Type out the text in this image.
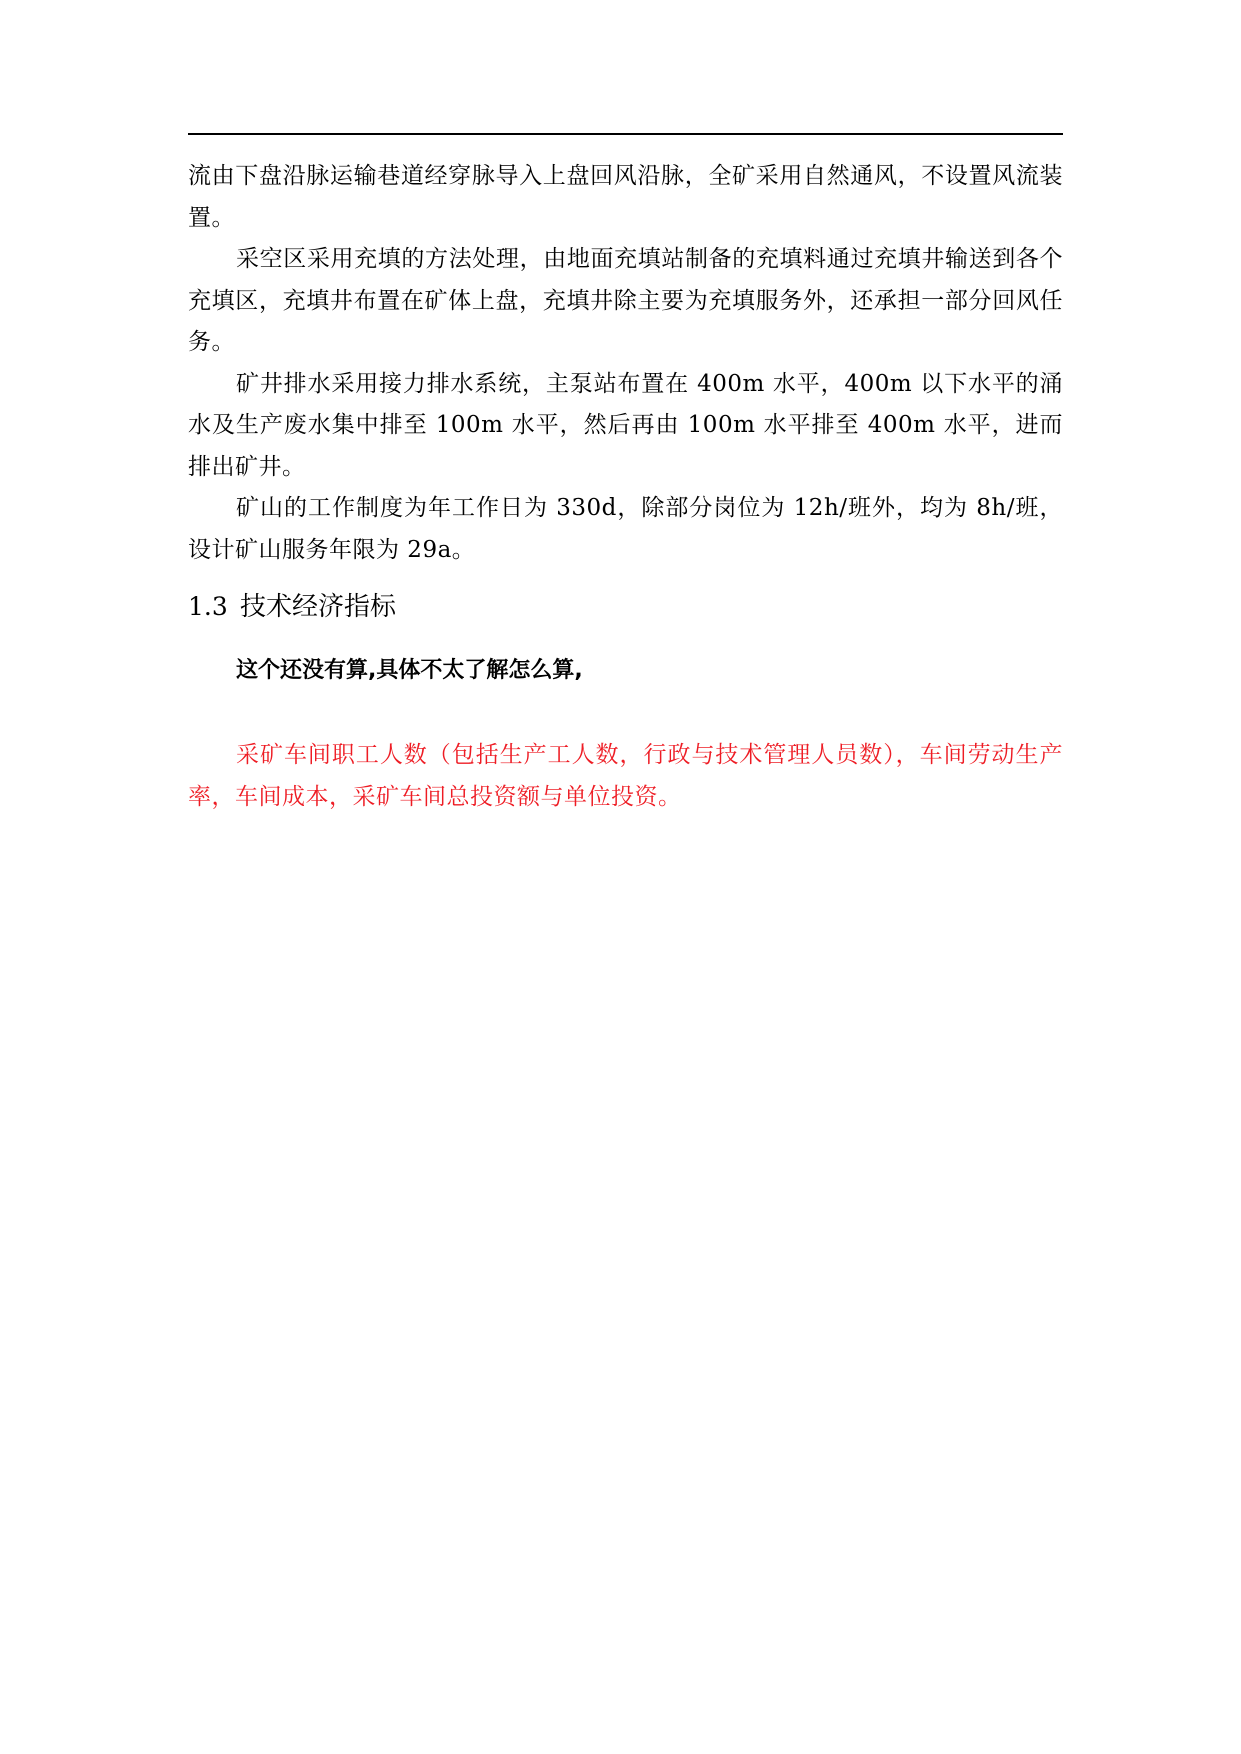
流由下盘沿脉运输巷道经穿脉导入上盘回风沿脉，全矿采用自然通风，不设置风流装置。

采空区采用充填的方法处理，由地面充填站制备的充填料通过充填井输送到各个充填区，充填井布置在矿体上盘，充填井除主要为充填服务外，还承担一部分回风任务。

矿井排水采用接力排水系统，主泵站布置在 400m 水平，400m 以下水平的涌水及生产废水集中排至 100m 水平，然后再由 100m 水平排至 400m 水平，进而排出矿井。

矿山的工作制度为年工作日为 330d，除部分岗位为 12h/班外，均为 8h/班，设计矿山服务年限为 29a。

1.3 技术经济指标

这个还没有算,具体不太了解怎么算,

采矿车间职工人数（包括生产工人数，行政与技术管理人员数），车间劳动生产率，车间成本，采矿车间总投资额与单位投资。
